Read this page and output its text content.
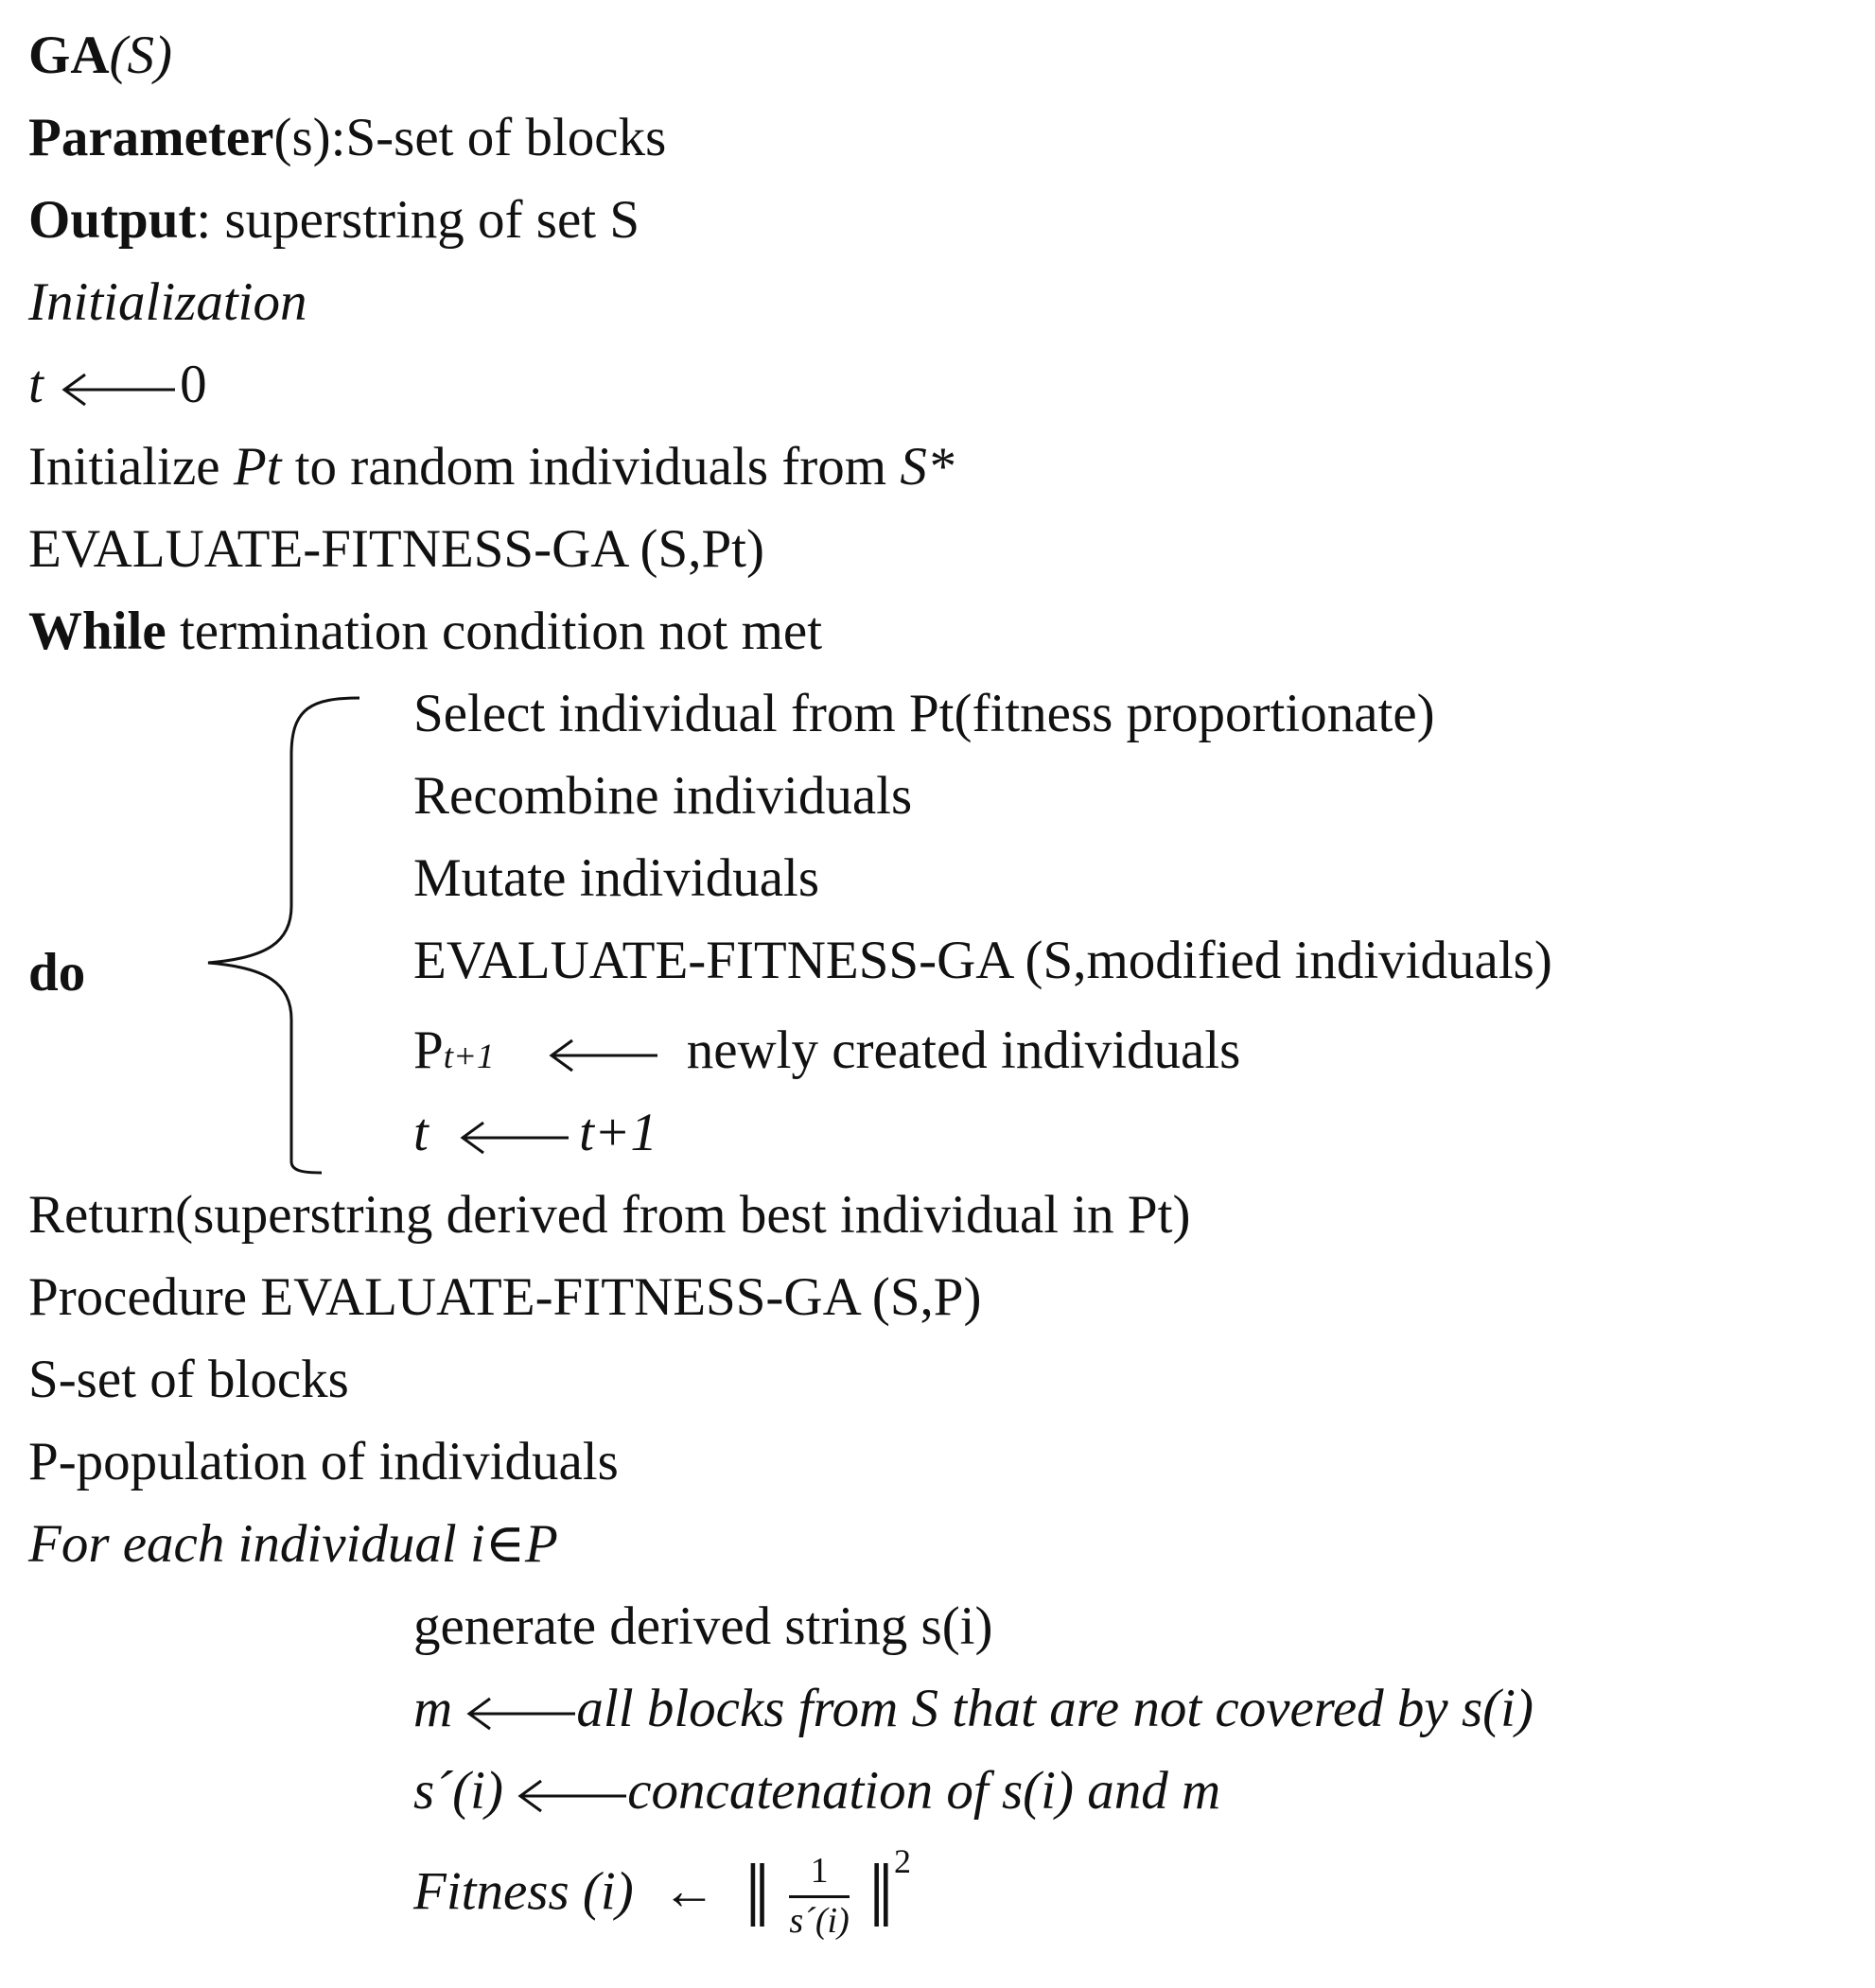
GA(S)
Parameter(s):S-set of blocks
Output: superstring of set S
Initialization
t	0
Initialize Pt to random individuals from S*
EVALUATE-FITNESS-GA (S,Pt)
While termination condition not met
do
Select individual from Pt(fitness proportionate)
Recombine individuals
Mutate individuals
EVALUATE-FITNESS-GA (S,modified individuals)
Pt+1	newly created individuals
t	t+1
Return(superstring derived from best individual in Pt)
Procedure EVALUATE-FITNESS-GA (S,P)
S-set of blocks
P-population of individuals
For each individual i∈P
generate derived string s(i)
m all blocks from S that are not covered by s(i)
s´(i) concatenation of s(i) and m
Fitness (i) ← ‖ $\frac{1}{s´(i)}$ ‖$^2$
